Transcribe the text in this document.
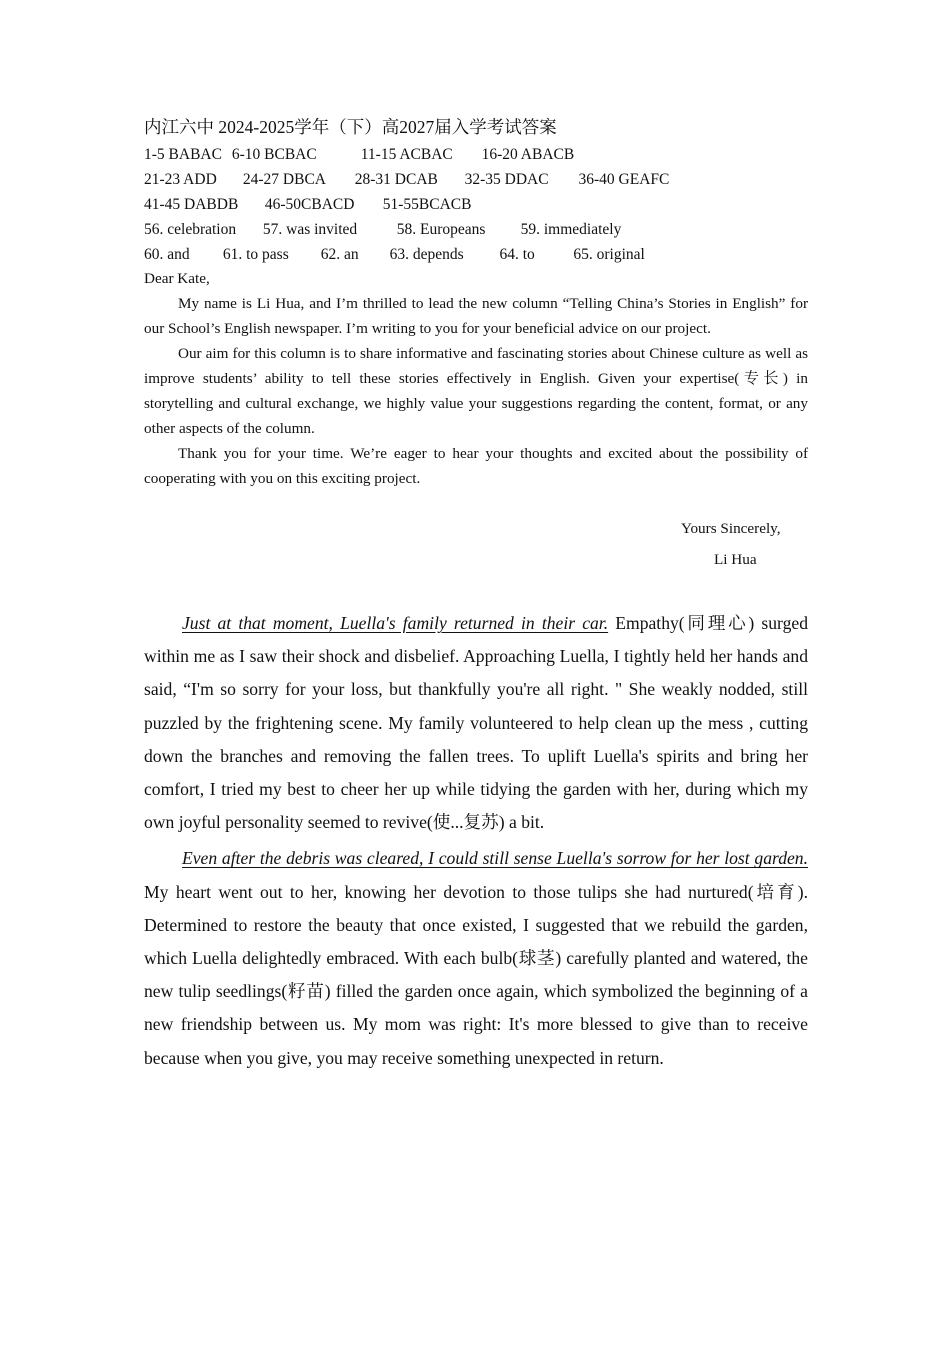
内江六中 2024-2025学年（下）高2027届入学考试答案
1-5 BABAC 6-10 BCBAC	11-15 ACBAC 16-20 ABACB
21-23 ADD 24-27 DBCA 28-31 DCAB 32-35 DDAC 36-40 GEAFC
41-45 DABDB 46-50CBACD 51-55BCACB
56. celebration 57. was invited	58. Europeans 59. immediately
60. and 61. to pass 62. an 63. depends 64. to 65. original

Dear Kate,

My name is Li Hua, and I’m thrilled to lead the new column “Telling China’s Stories in English” for our School’s English newspaper. I’m writing to you for your beneficial advice on our project.

Our aim for this column is to share informative and fascinating stories about Chinese culture as well as improve students’ ability to tell these stories effectively in English. Given your expertise(专长) in storytelling and cultural exchange, we highly value your suggestions regarding the content, format, or any other aspects of the column.

Thank you for your time. We’re eager to hear your thoughts and excited about the possibility of cooperating with you on this exciting project.

Yours Sincerely,
Li Hua

Just at that moment, Luella's family returned in their car. Empathy(同理心) surged within me as I saw their shock and disbelief. Approaching Luella, I tightly held her hands and said, “I'm so sorry for your loss, but thankfully you're all right. " She weakly nodded, still puzzled by the frightening scene. My family volunteered to help clean up the mess , cutting down the branches and removing the fallen trees. To uplift Luella's spirits and bring her comfort, I tried my best to cheer her up while tidying the garden with her, during which my own joyful personality seemed to revive(使...复苏) a bit.

Even after the debris was cleared, I could still sense Luella's sorrow for her lost garden. My heart went out to her, knowing her devotion to those tulips she had nurtured(培育). Determined to restore the beauty that once existed, I suggested that we rebuild the garden, which Luella delightedly embraced. With each bulb(球茎) carefully planted and watered, the new tulip seedlings(籽苗) filled the garden once again, which symbolized the beginning of a new friendship between us. My mom was right: It's more blessed to give than to receive because when you give, you may receive something unexpected in return.
